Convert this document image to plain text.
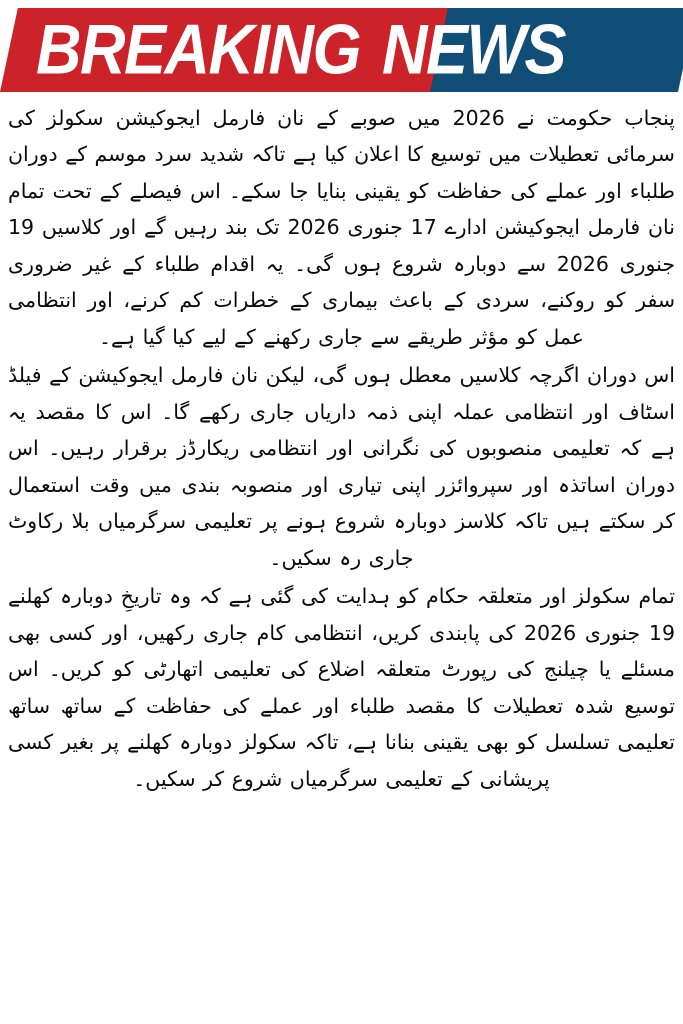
BREAKING NEWS

پنجاب حکومت نے 2026 میں صوبے کے نان فارمل ایجوکیشن سکولز کی سرمائی تعطیلات میں توسیع کا اعلان کیا ہے تاکہ شدید سرد موسم کے دوران طلباء اور عملے کی حفاظت کو یقینی بنایا جا سکے۔ اس فیصلے کے تحت تمام نان فارمل ایجوکیشن ادارے 17 جنوری 2026 تک بند رہیں گے اور کلاسیں 19 جنوری 2026 سے دوبارہ شروع ہوں گی۔ یہ اقدام طلباء کے غیر ضروری سفر کو روکنے، سردی کے باعث بیماری کے خطرات کم کرنے، اور انتظامی عمل کو مؤثر طریقے سے جاری رکھنے کے لیے کیا گیا ہے۔

اس دوران اگرچہ کلاسیں معطل ہوں گی، لیکن نان فارمل ایجوکیشن کے فیلڈ اسٹاف اور انتظامی عملہ اپنی ذمہ داریاں جاری رکھے گا۔ اس کا مقصد یہ ہے کہ تعلیمی منصوبوں کی نگرانی اور انتظامی ریکارڈز برقرار رہیں۔ اس دوران اساتذہ اور سپروائزر اپنی تیاری اور منصوبہ بندی میں وقت استعمال کر سکتے ہیں تاکہ کلاسز دوبارہ شروع ہونے پر تعلیمی سرگرمیاں بلا رکاوٹ جاری رہ سکیں۔

تمام سکولز اور متعلقہ حکام کو ہدایت کی گئی ہے کہ وہ تاریخِ دوبارہ کھلنے 19 جنوری 2026 کی پابندی کریں، انتظامی کام جاری رکھیں، اور کسی بھی مسئلے یا چیلنج کی رپورٹ متعلقہ اضلاع کی تعلیمی اتھارٹی کو کریں۔ اس توسیع شدہ تعطیلات کا مقصد طلباء اور عملے کی حفاظت کے ساتھ ساتھ تعلیمی تسلسل کو بھی یقینی بنانا ہے، تاکہ سکولز دوبارہ کھلنے پر بغیر کسی پریشانی کے تعلیمی سرگرمیاں شروع کر سکیں۔
